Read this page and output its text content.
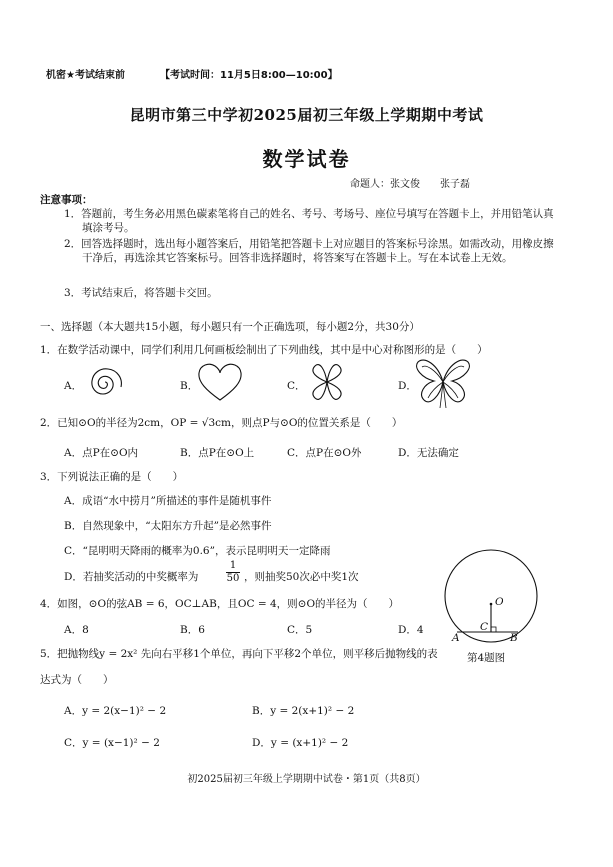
机密★考试结束前	【考试时间：11月5日8:00—10:00】
昆明市第三中学初2025届初三年级上学期期中考试
数学试卷
命题人：张文俊　　张子磊
注意事项：
1．答题前，考生务必用黑色碳素笔将自己的姓名、考号、考场号、座位号填写在答题卡上，并用铅笔认真填涂考号。
2．回答选择题时，选出每小题答案后，用铅笔把答题卡上对应题目的答案标号涂黑。如需改动，用橡皮擦干净后，再选涂其它答案标号。回答非选择题时，将答案写在答题卡上。写在本试卷上无效。
3．考试结束后，将答题卡交回。
一、选择题（本大题共15小题，每小题只有一个正确选项，每小题2分，共30分）
1．在数学活动课中，同学们利用几何画板绘制出了下列曲线，其中是中心对称图形的是（　　）
A．	B．	C．	D．
2．已知⊙O的半径为2cm，OP = √3cm，则点P与⊙O的位置关系是（　　）
A．点P在⊙O内	B．点P在⊙O上	C．点P在⊙O外	D．无法确定
3．下列说法正确的是（　　）
A．成语“水中捞月”所描述的事件是随机事件
B．自然现象中，“太阳东方升起”是必然事件
C．“昆明明天降雨的概率为0.6”，表示昆明明天一定降雨
D．若抽奖活动的中奖概率为	$\frac{1}{50}$ ，则抽奖50次必中奖1次
4．如图，⊙O的弦AB = 6，OC⊥AB，且OC = 4，则⊙O的半径为（　　）
A．8	B．6	C．5	D．4
O
C
A	B
第4题图
5．把抛物线y = 2x² 先向右平移1个单位，再向下平移2个单位，则平移后抛物线的表
达式为（　　）
A．y = 2(x−1)² − 2	B．y = 2(x+1)² − 2
C．y = (x−1)² − 2	D．y = (x+1)² − 2
初2025届初三年级上学期期中试卷・第1页（共8页）
